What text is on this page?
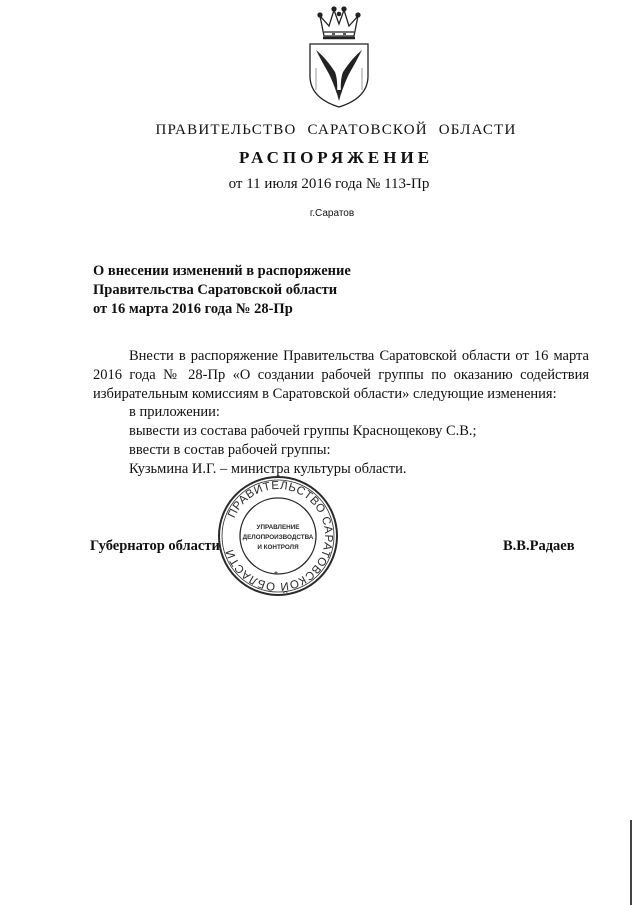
ПРАВИТЕЛЬСТВО САРАТОВСКОЙ ОБЛАСТИ
РАСПОРЯЖЕНИЕ
от 11 июля 2016 года № 113-Пр
г.Саратов
О внесении изменений в распоряжение
Правительства Саратовской области
от 16 марта 2016 года № 28-Пр
Внести в распоряжение Правительства Саратовской области от 16 марта 2016 года № 28-Пр «О создании рабочей группы по оказанию содействия избирательным комиссиям в Саратовской области» следующие изменения:
в приложении:
вывести из состава рабочей группы Краснощекову С.В.;
ввести в состав рабочей группы:
Кузьмина И.Г. – министра культуры области.
Губернатор области	В.В.Радаев
ПРАВИТЕЛЬСТВО САРАТОВСКОЙ ОБЛАСТИ
*
УПРАВЛЕНИЕ
ДЕЛОПРОИЗВОДСТВА
И КОНТРОЛЯ
